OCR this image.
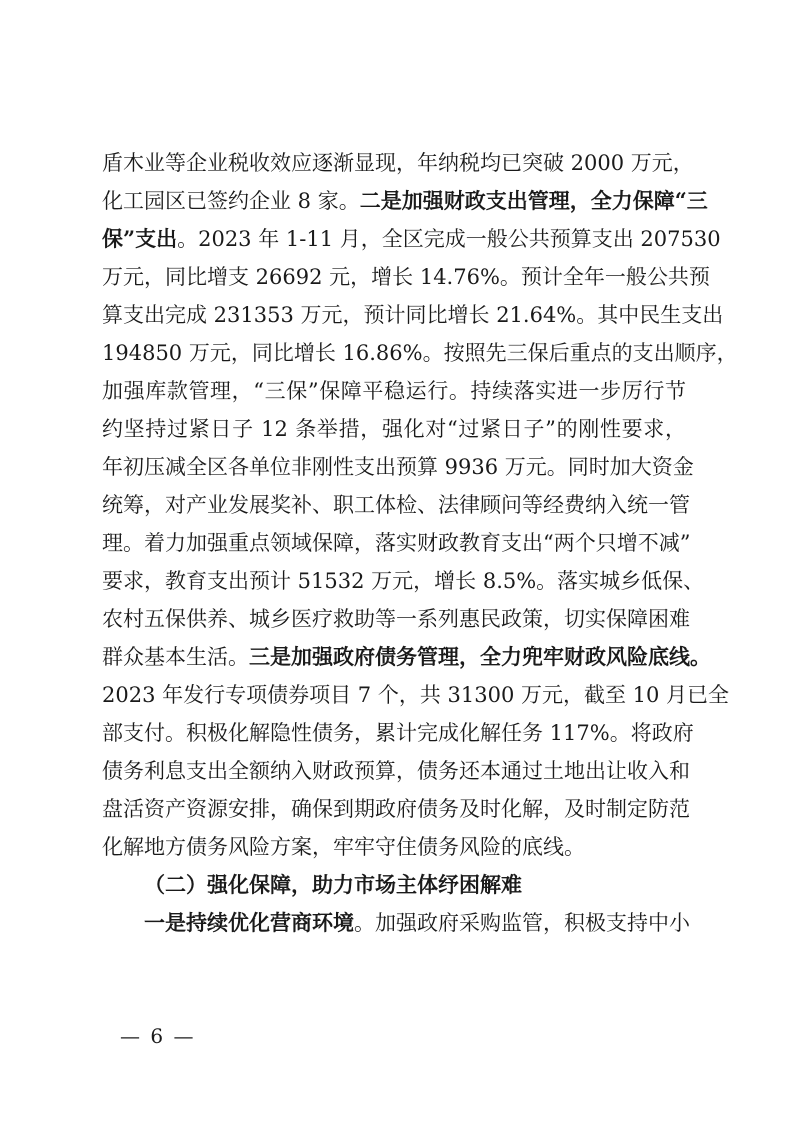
盾木业等企业税收效应逐渐显现，年纳税均已突破 2000 万元，
化工园区已签约企业 8 家。二是加强财政支出管理，全力保障“三
保”支出。2023 年 1-11 月，全区完成一般公共预算支出 207530
万元，同比增支 26692 元，增长 14.76%。预计全年一般公共预
算支出完成 231353 万元，预计同比增长 21.64%。其中民生支出
194850 万元，同比增长 16.86%。按照先三保后重点的支出顺序，
加强库款管理，“三保”保障平稳运行。持续落实进一步厉行节
约坚持过紧日子 12 条举措，强化对“过紧日子”的刚性要求，
年初压减全区各单位非刚性支出预算 9936 万元。同时加大资金
统筹，对产业发展奖补、职工体检、法律顾问等经费纳入统一管
理。着力加强重点领域保障，落实财政教育支出“两个只增不减”
要求，教育支出预计 51532 万元，增长 8.5%。落实城乡低保、
农村五保供养、城乡医疗救助等一系列惠民政策，切实保障困难
群众基本生活。三是加强政府债务管理，全力兜牢财政风险底线。
2023 年发行专项债券项目 7 个，共 31300 万元，截至 10 月已全
部支付。积极化解隐性债务，累计完成化解任务 117%。将政府
债务利息支出全额纳入财政预算，债务还本通过土地出让收入和
盘活资产资源安排，确保到期政府债务及时化解，及时制定防范
化解地方债务风险方案，牢牢守住债务风险的底线。
（二）强化保障，助力市场主体纾困解难
一是持续优化营商环境。加强政府采购监管，积极支持中小
— 6 —
